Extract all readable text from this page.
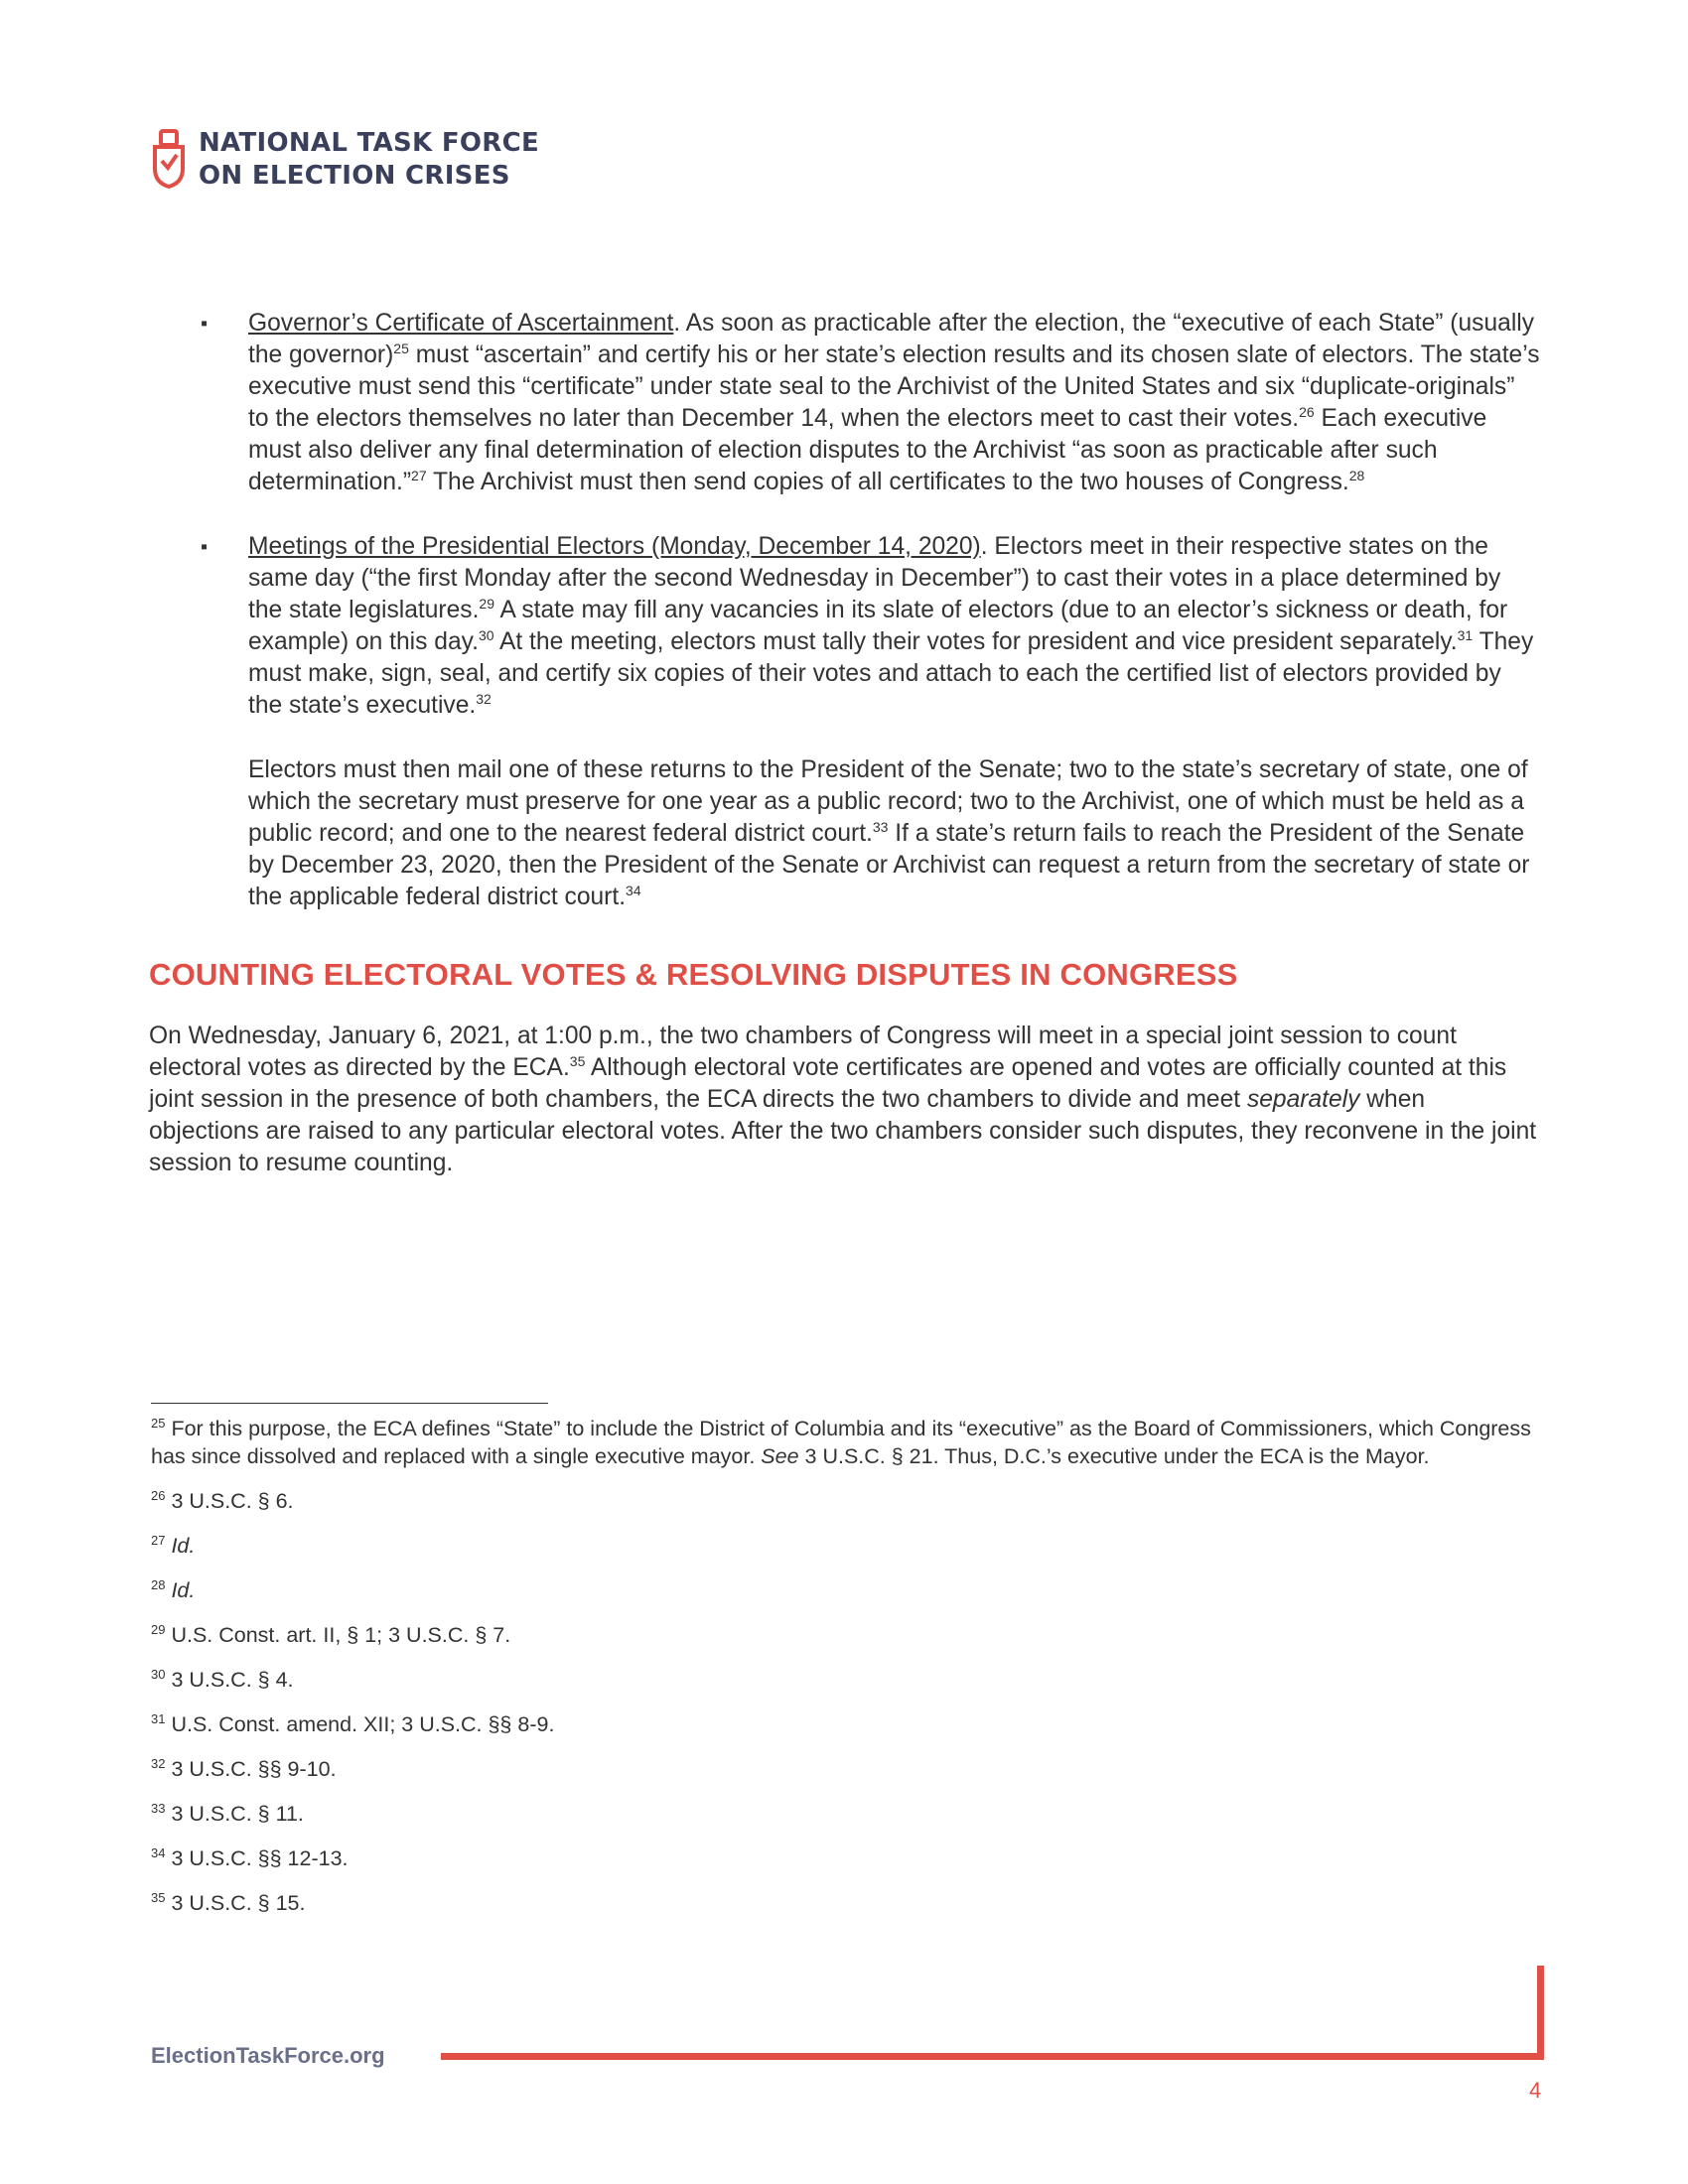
NATIONAL TASK FORCE
ON ELECTION CRISES
▪ Governor’s Certificate of Ascertainment. As soon as practicable after the election, the “executive of each State” (usually the governor)$^{25}$ must “ascertain” and certify his or her state’s election results and its chosen slate of electors. The state’s executive must send this “certificate” under state seal to the Archivist of the United States and six “duplicate-originals” to the electors themselves no later than December 14, when the electors meet to cast their votes.$^{26}$ Each executive must also deliver any final determination of election disputes to the Archivist “as soon as practicable after such determination.”$^{27}$ The Archivist must then send copies of all certificates to the two houses of Congress.$^{28}$
▪ Meetings of the Presidential Electors (Monday, December 14, 2020). Electors meet in their respective states on the same day (“the first Monday after the second Wednesday in December”) to cast their votes in a place determined by the state legislatures.$^{29}$ A state may fill any vacancies in its slate of electors (due to an elector’s sickness or death, for example) on this day.$^{30}$ At the meeting, electors must tally their votes for president and vice president separately.$^{31}$ They must make, sign, seal, and certify six copies of their votes and attach to each the certified list of electors provided by the state’s executive.$^{32}$
Electors must then mail one of these returns to the President of the Senate; two to the state’s secretary of state, one of which the secretary must preserve for one year as a public record; two to the Archivist, one of which must be held as a public record; and one to the nearest federal district court.$^{33}$ If a state’s return fails to reach the President of the Senate by December 23, 2020, then the President of the Senate or Archivist can request a return from the secretary of state or the applicable federal district court.$^{34}$
COUNTING ELECTORAL VOTES & RESOLVING DISPUTES IN CONGRESS

On Wednesday, January 6, 2021, at 1:00 p.m., the two chambers of Congress will meet in a special joint session to count electoral votes as directed by the ECA.$^{35}$ Although electoral vote certificates are opened and votes are officially counted at this joint session in the presence of both chambers, the ECA directs the two chambers to divide and meet separately when objections are raised to any particular electoral votes. After the two chambers consider such disputes, they reconvene in the joint session to resume counting.

$^{25}$ For this purpose, the ECA defines “State” to include the District of Columbia and its “executive” as the Board of Commissioners, which Congress has since dissolved and replaced with a single executive mayor. See 3 U.S.C. § 21. Thus, D.C.’s executive under the ECA is the Mayor.
$^{26}$ 3 U.S.C. § 6.
$^{27}$ Id.
$^{28}$ Id.
$^{29}$ U.S. Const. art. II, § 1; 3 U.S.C. § 7.
$^{30}$ 3 U.S.C. § 4.
$^{31}$ U.S. Const. amend. XII; 3 U.S.C. §§ 8-9.
$^{32}$ 3 U.S.C. §§ 9-10.
$^{33}$ 3 U.S.C. § 11.
$^{34}$ 3 U.S.C. §§ 12-13.
$^{35}$ 3 U.S.C. § 15.
ElectionTaskForce.org
4
